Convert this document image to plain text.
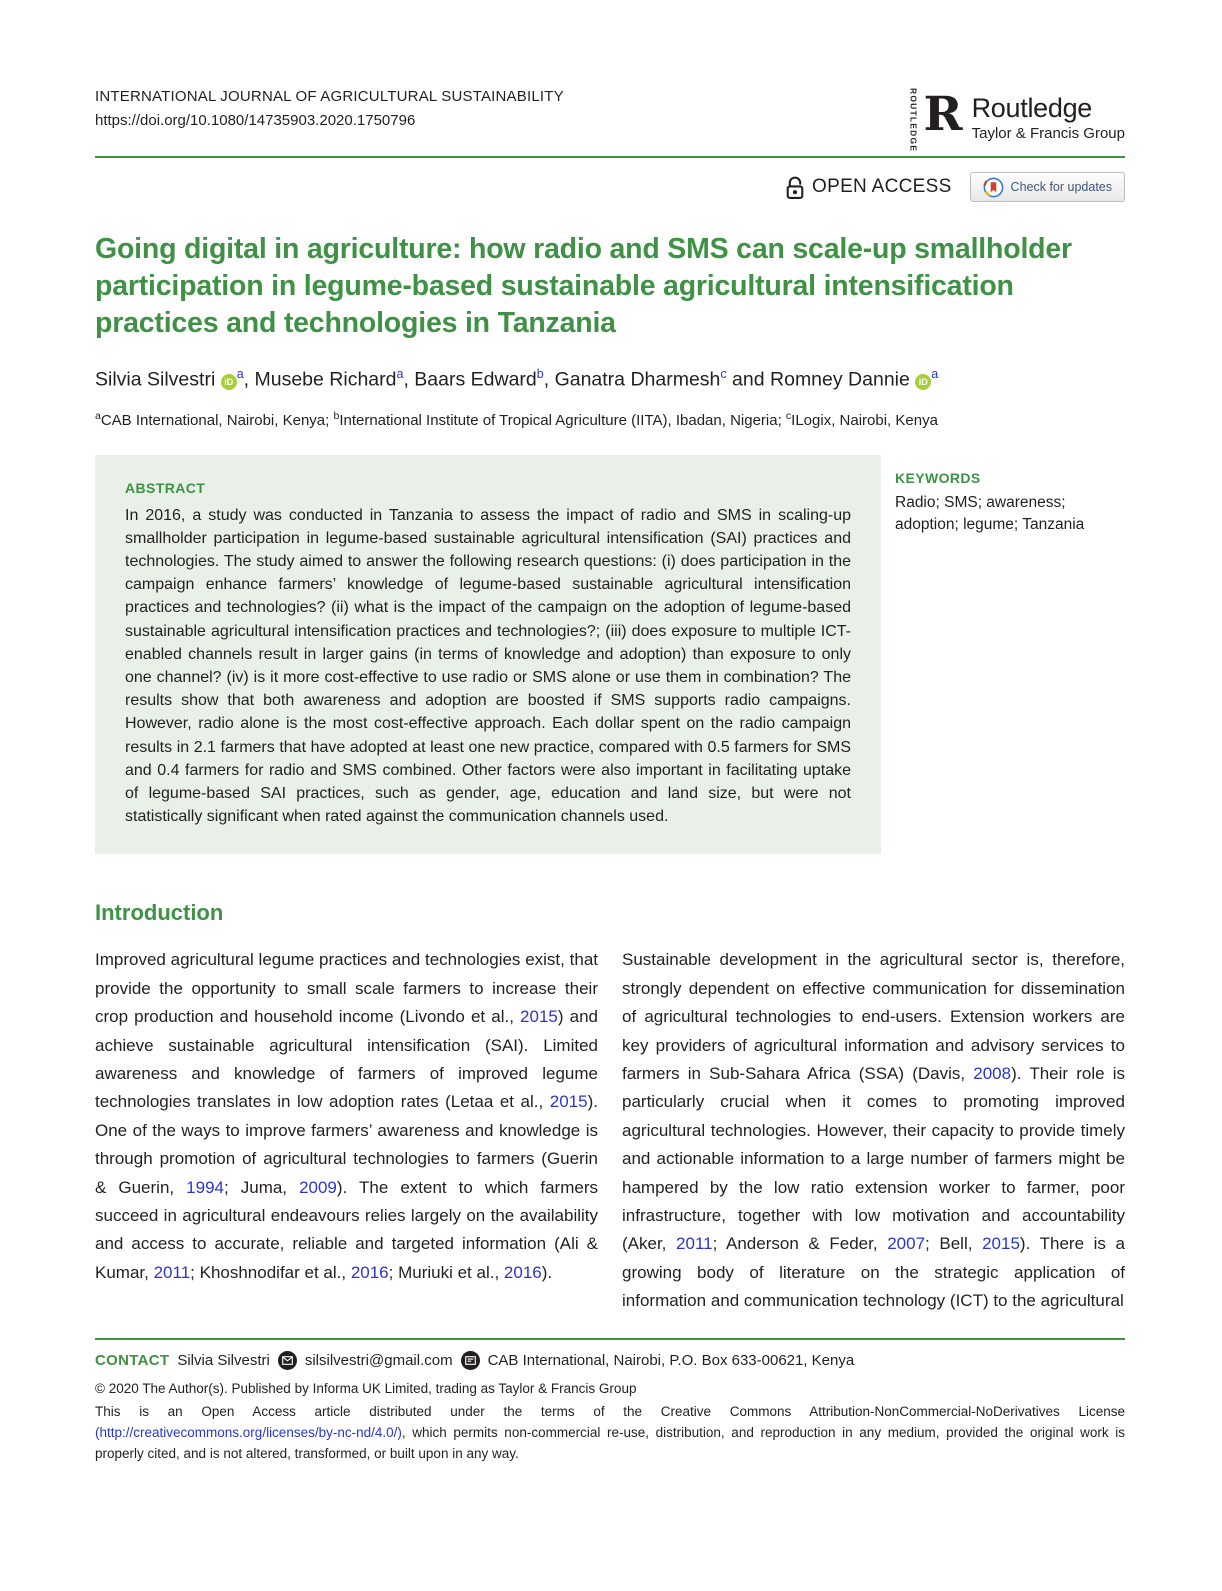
INTERNATIONAL JOURNAL OF AGRICULTURAL SUSTAINABILITY
https://doi.org/10.1080/14735903.2020.1750796	ROUTLEDGE R Routledge
Taylor & Francis Group
OPEN ACCESS	Check for updates
Going digital in agriculture: how radio and SMS can scale-up smallholder participation in legume-based sustainable agricultural intensification practices and technologies in Tanzania
Silvia Silvestri $iD^a$, Musebe Richard$^a$, Baars Edward$^b$, Ganatra Dharmesh$^c$ and Romney Dannie $iD^a$

$^a$CAB International, Nairobi, Kenya; $^b$International Institute of Tropical Agriculture (IITA), Ibadan, Nigeria; $^c$ILogix, Nairobi, Kenya

ABSTRACT

In 2016, a study was conducted in Tanzania to assess the impact of radio and SMS in scaling-up smallholder participation in legume-based sustainable agricultural intensification (SAI) practices and technologies. The study aimed to answer the following research questions: (i) does participation in the campaign enhance farmers’ knowledge of legume-based sustainable agricultural intensification practices and technologies? (ii) what is the impact of the campaign on the adoption of legume-based sustainable agricultural intensification practices and technologies?; (iii) does exposure to multiple ICT-enabled channels result in larger gains (in terms of knowledge and adoption) than exposure to only one channel? (iv) is it more cost-effective to use radio or SMS alone or use them in combination? The results show that both awareness and adoption are boosted if SMS supports radio campaigns. However, radio alone is the most cost-effective approach. Each dollar spent on the radio campaign results in 2.1 farmers that have adopted at least one new practice, compared with 0.5 farmers for SMS and 0.4 farmers for radio and SMS combined. Other factors were also important in facilitating uptake of legume-based SAI practices, such as gender, age, education and land size, but were not statistically significant when rated against the communication channels used.

KEYWORDS

Radio; SMS; awareness; adoption; legume; Tanzania

Introduction

Improved agricultural legume practices and technologies exist, that provide the opportunity to small scale farmers to increase their crop production and household income (Livondo et al., 2015) and achieve sustainable agricultural intensification (SAI). Limited awareness and knowledge of farmers of improved legume technologies translates in low adoption rates (Letaa et al., 2015). One of the ways to improve farmers’ awareness and knowledge is through promotion of agricultural technologies to farmers (Guerin & Guerin, 1994; Juma, 2009). The extent to which farmers succeed in agricultural endeavours relies largely on the availability and access to accurate, reliable and targeted information (Ali & Kumar, 2011; Khoshnodifar et al., 2016; Muriuki et al., 2016).

Sustainable development in the agricultural sector is, therefore, strongly dependent on effective communication for dissemination of agricultural technologies to end-users. Extension workers are key providers of agricultural information and advisory services to farmers in Sub-Sahara Africa (SSA) (Davis, 2008). Their role is particularly crucial when it comes to promoting improved agricultural technologies. However, their capacity to provide timely and actionable information to a large number of farmers might be hampered by the low ratio extension worker to farmer, poor infrastructure, together with low motivation and accountability (Aker, 2011; Anderson & Feder, 2007; Bell, 2015). There is a growing body of literature on the strategic application of information and communication technology (ICT) to the agricultural

CONTACT Silvia Silvestri silsilvestri@gmail.com CAB International, Nairobi, P.O. Box 633-00621, Kenya

© 2020 The Author(s). Published by Informa UK Limited, trading as Taylor & Francis Group

This is an Open Access article distributed under the terms of the Creative Commons Attribution-NonCommercial-NoDerivatives License (http://creativecommons.org/licenses/by-nc-nd/4.0/), which permits non-commercial re-use, distribution, and reproduction in any medium, provided the original work is properly cited, and is not altered, transformed, or built upon in any way.
